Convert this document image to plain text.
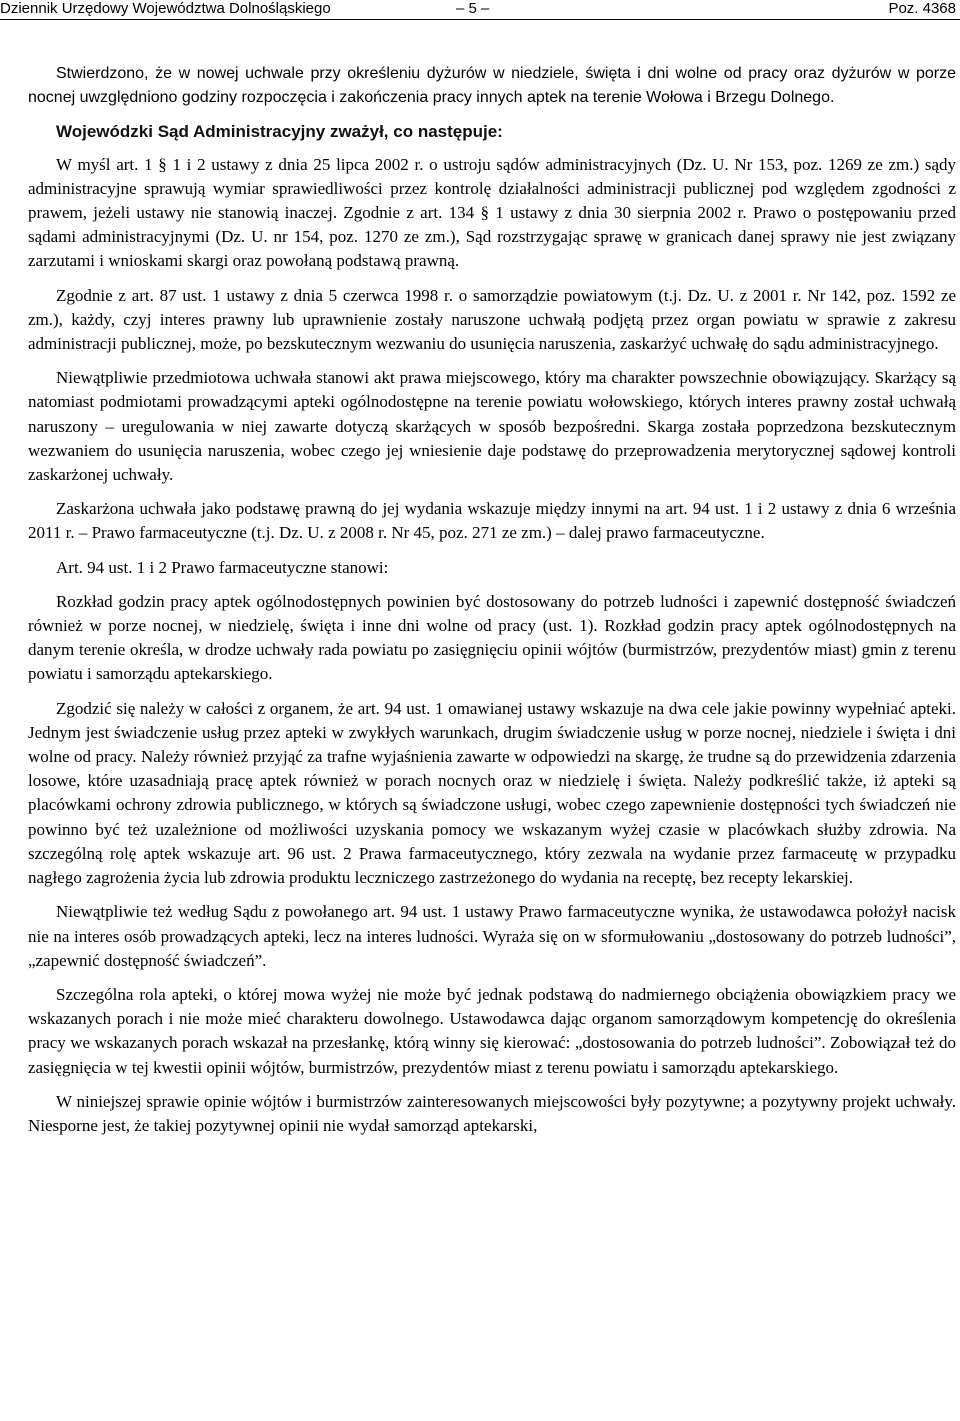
Dziennik Urzędowy Województwa Dolnośląskiego	– 5 –	Poz. 4368

Stwierdzono, że w nowej uchwale przy określeniu dyżurów w niedziele, święta i dni wolne od pracy oraz dyżurów w porze nocnej uwzględniono godziny rozpoczęcia i zakończenia pracy innych aptek na terenie Wołowa i Brzegu Dolnego.

Wojewódzki Sąd Administracyjny zważył, co następuje:

W myśl art. 1 § 1 i 2 ustawy z dnia 25 lipca 2002 r. o ustroju sądów administracyjnych (Dz. U. Nr 153, poz. 1269 ze zm.) sądy administracyjne sprawują wymiar sprawiedliwości przez kontrolę działalności administracji publicznej pod względem zgodności z prawem, jeżeli ustawy nie stanowią inaczej. Zgodnie z art. 134 § 1 ustawy z dnia 30 sierpnia 2002 r. Prawo o postępowaniu przed sądami administracyjnymi (Dz. U. nr 154, poz. 1270 ze zm.), Sąd rozstrzygając sprawę w granicach danej sprawy nie jest związany zarzutami i wnioskami skargi oraz powołaną podstawą prawną.

Zgodnie z art. 87 ust. 1 ustawy z dnia 5 czerwca 1998 r. o samorządzie powiatowym (t.j. Dz. U. z 2001 r. Nr 142, poz. 1592 ze zm.), każdy, czyj interes prawny lub uprawnienie zostały naruszone uchwałą podjętą przez organ powiatu w sprawie z zakresu administracji publicznej, może, po bezskutecznym wezwaniu do usunięcia naruszenia, zaskarżyć uchwałę do sądu administracyjnego.

Niewątpliwie przedmiotowa uchwała stanowi akt prawa miejscowego, który ma charakter powszechnie obowiązujący. Skarżący są natomiast podmiotami prowadzącymi apteki ogólnodostępne na terenie powiatu wołowskiego, których interes prawny został uchwałą naruszony – uregulowania w niej zawarte dotyczą skarżących w sposób bezpośredni. Skarga została poprzedzona bezskutecznym wezwaniem do usunięcia naruszenia, wobec czego jej wniesienie daje podstawę do przeprowadzenia merytorycznej sądowej kontroli zaskarżonej uchwały.

Zaskarżona uchwała jako podstawę prawną do jej wydania wskazuje między innymi na art. 94 ust. 1 i 2 ustawy z dnia 6 września 2011 r. – Prawo farmaceutyczne (t.j. Dz. U. z 2008 r. Nr 45, poz. 271 ze zm.) – dalej prawo farmaceutyczne.

Art. 94 ust. 1 i 2 Prawo farmaceutyczne stanowi:

Rozkład godzin pracy aptek ogólnodostępnych powinien być dostosowany do potrzeb ludności i zapewnić dostępność świadczeń również w porze nocnej, w niedzielę, święta i inne dni wolne od pracy (ust. 1). Rozkład godzin pracy aptek ogólnodostępnych na danym terenie określa, w drodze uchwały rada powiatu po zasięgnięciu opinii wójtów (burmistrzów, prezydentów miast) gmin z terenu powiatu i samorządu aptekarskiego.

Zgodzić się należy w całości z organem, że art. 94 ust. 1 omawianej ustawy wskazuje na dwa cele jakie powinny wypełniać apteki. Jednym jest świadczenie usług przez apteki w zwykłych warunkach, drugim świadczenie usług w porze nocnej, niedziele i święta i dni wolne od pracy. Należy również przyjąć za trafne wyjaśnienia zawarte w odpowiedzi na skargę, że trudne są do przewidzenia zdarzenia losowe, które uzasadniają pracę aptek również w porach nocnych oraz w niedzielę i święta. Należy podkreślić także, iż apteki są placówkami ochrony zdrowia publicznego, w których są świadczone usługi, wobec czego zapewnienie dostępności tych świadczeń nie powinno być też uzależnione od możliwości uzyskania pomocy we wskazanym wyżej czasie w placówkach służby zdrowia. Na szczególną rolę aptek wskazuje art. 96 ust. 2 Prawa farmaceutycznego, który zezwala na wydanie przez farmaceutę w przypadku nagłego zagrożenia życia lub zdrowia produktu leczniczego zastrzeżonego do wydania na receptę, bez recepty lekarskiej.

Niewątpliwie też według Sądu z powołanego art. 94 ust. 1 ustawy Prawo farmaceutyczne wynika, że ustawodawca położył nacisk nie na interes osób prowadzących apteki, lecz na interes ludności. Wyraża się on w sformułowaniu „dostosowany do potrzeb ludności”, „zapewnić dostępność świadczeń”.

Szczególna rola apteki, o której mowa wyżej nie może być jednak podstawą do nadmiernego obciążenia obowiązkiem pracy we wskazanych porach i nie może mieć charakteru dowolnego. Ustawodawca dając organom samorządowym kompetencję do określenia pracy we wskazanych porach wskazał na przesłankę, którą winny się kierować: „dostosowania do potrzeb ludności”. Zobowiązał też do zasięgnięcia w tej kwestii opinii wójtów, burmistrzów, prezydentów miast z terenu powiatu i samorządu aptekarskiego.

W niniejszej sprawie opinie wójtów i burmistrzów zainteresowanych miejscowości były pozytywne; a pozytywny projekt uchwały. Niesporne jest, że takiej pozytywnej opinii nie wydał samorząd aptekarski,
